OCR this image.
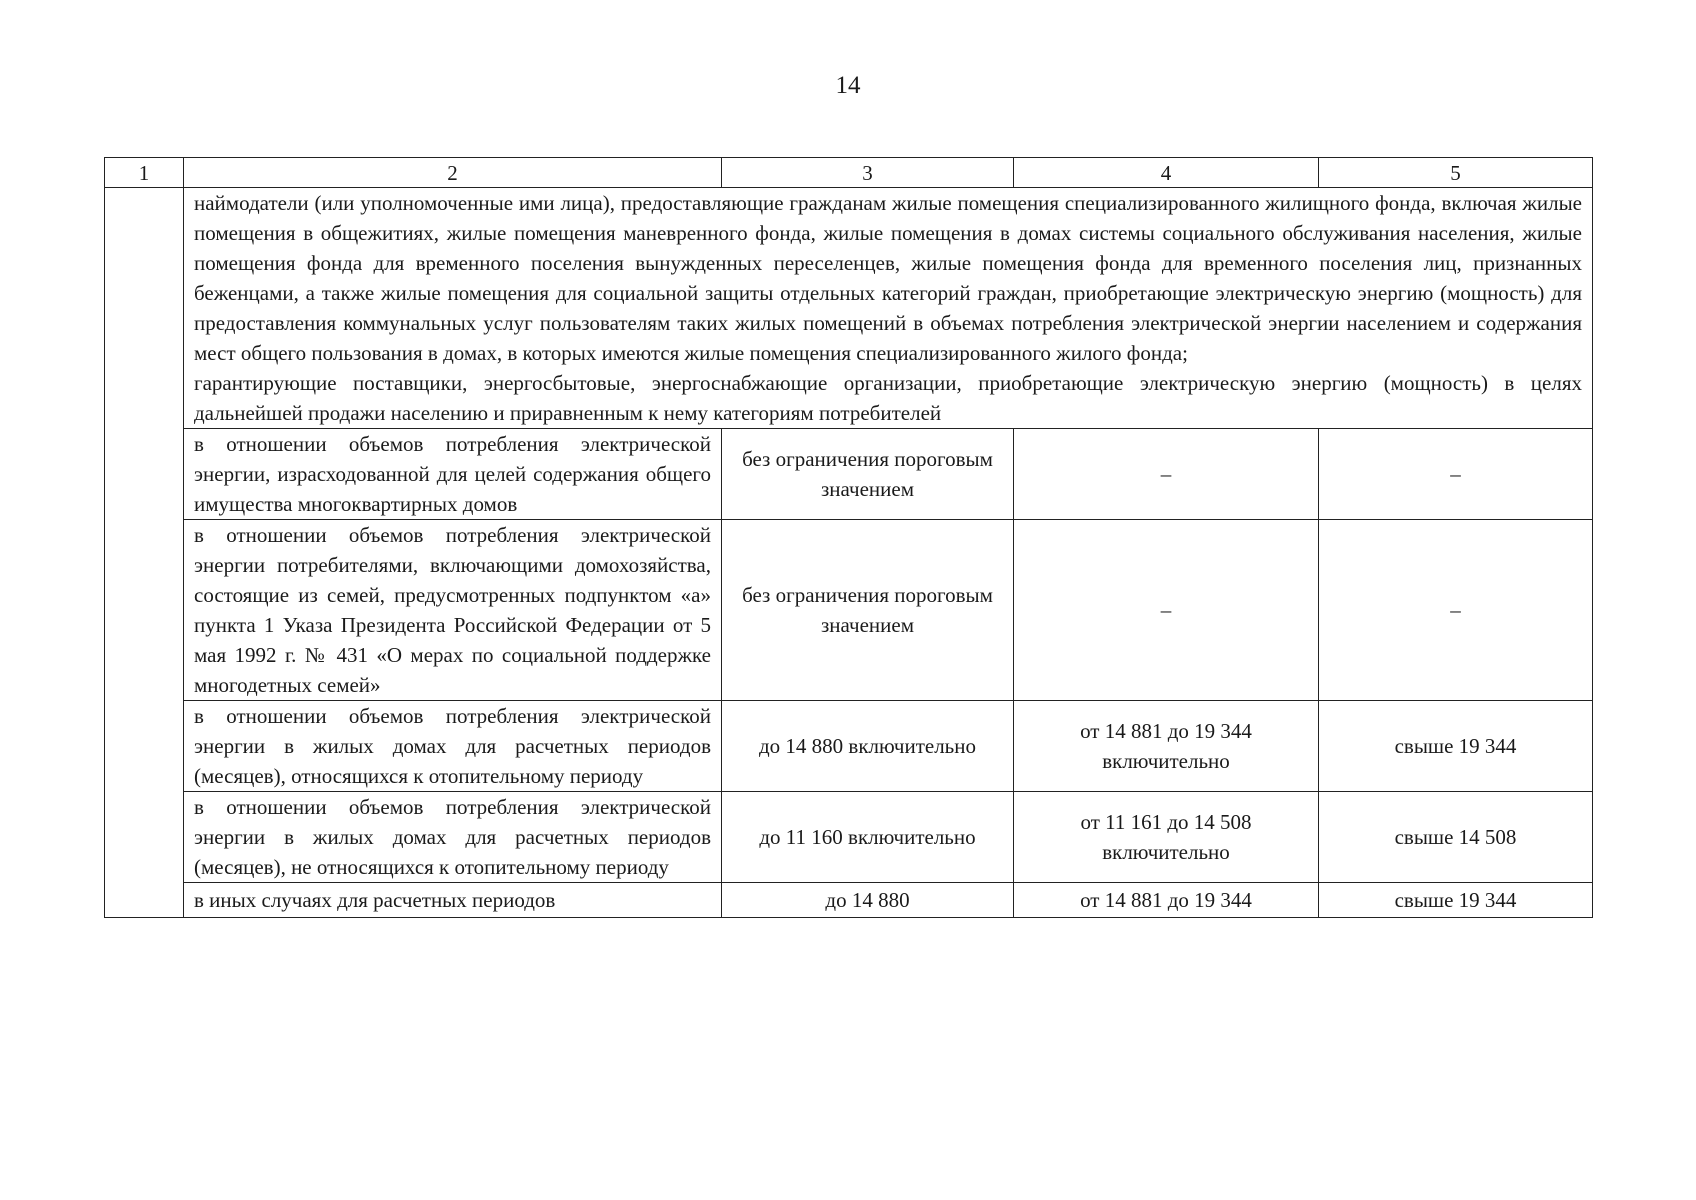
14
1	2	3	4	5

	наймодатели (или уполномоченные ими лица), предоставляющие гражданам жилые помещения специализированного жилищного фонда, включая жилые помещения в общежитиях, жилые помещения маневренного фонда, жилые помещения в домах системы социального обслуживания населения, жилые помещения фонда для временного поселения вынужденных переселенцев, жилые помещения фонда для временного поселения лиц, признанных беженцами, а также жилые помещения для социальной защиты отдельных категорий граждан, приобретающие электрическую энергию (мощность) для предоставления коммунальных услуг пользователям таких жилых помещений в объемах потребления электрической энергии населением и содержания мест общего пользования в домах, в которых имеются жилые помещения специализированного жилого фонда;

гарантирующие поставщики, энергосбытовые, энергоснабжающие организации, приобретающие электрическую энергию (мощность) в целях дальнейшей продажи населению и приравненным к нему категориям потребителей			

	в отношении объемов потребления электрической энергии, израсходованной для целей содержания общего имущества многоквартирных домов	без ограничения пороговым значением	–	–
	в отношении объемов потребления электрической энергии потребителями, включающими домохозяйства, состоящие из семей, предусмотренных подпунктом «а» пункта 1 Указа Президента Российской Федерации от 5 мая 1992 г. № 431 «О мерах по социальной поддержке многодетных семей»	без ограничения пороговым значением	–	–
	в отношении объемов потребления электрической энергии в жилых домах для расчетных периодов (месяцев), относящихся к отопительному периоду	до 14 880 включительно	от 14 881 до 19 344 включительно	свыше 19 344
	в отношении объемов потребления электрической энергии в жилых домах для расчетных периодов (месяцев), не относящихся к отопительному периоду	до 11 160 включительно	от 11 161 до 14 508 включительно	свыше 14 508
	в иных случаях для расчетных периодов	до 14 880	от 14 881 до 19 344	свыше 19 344
